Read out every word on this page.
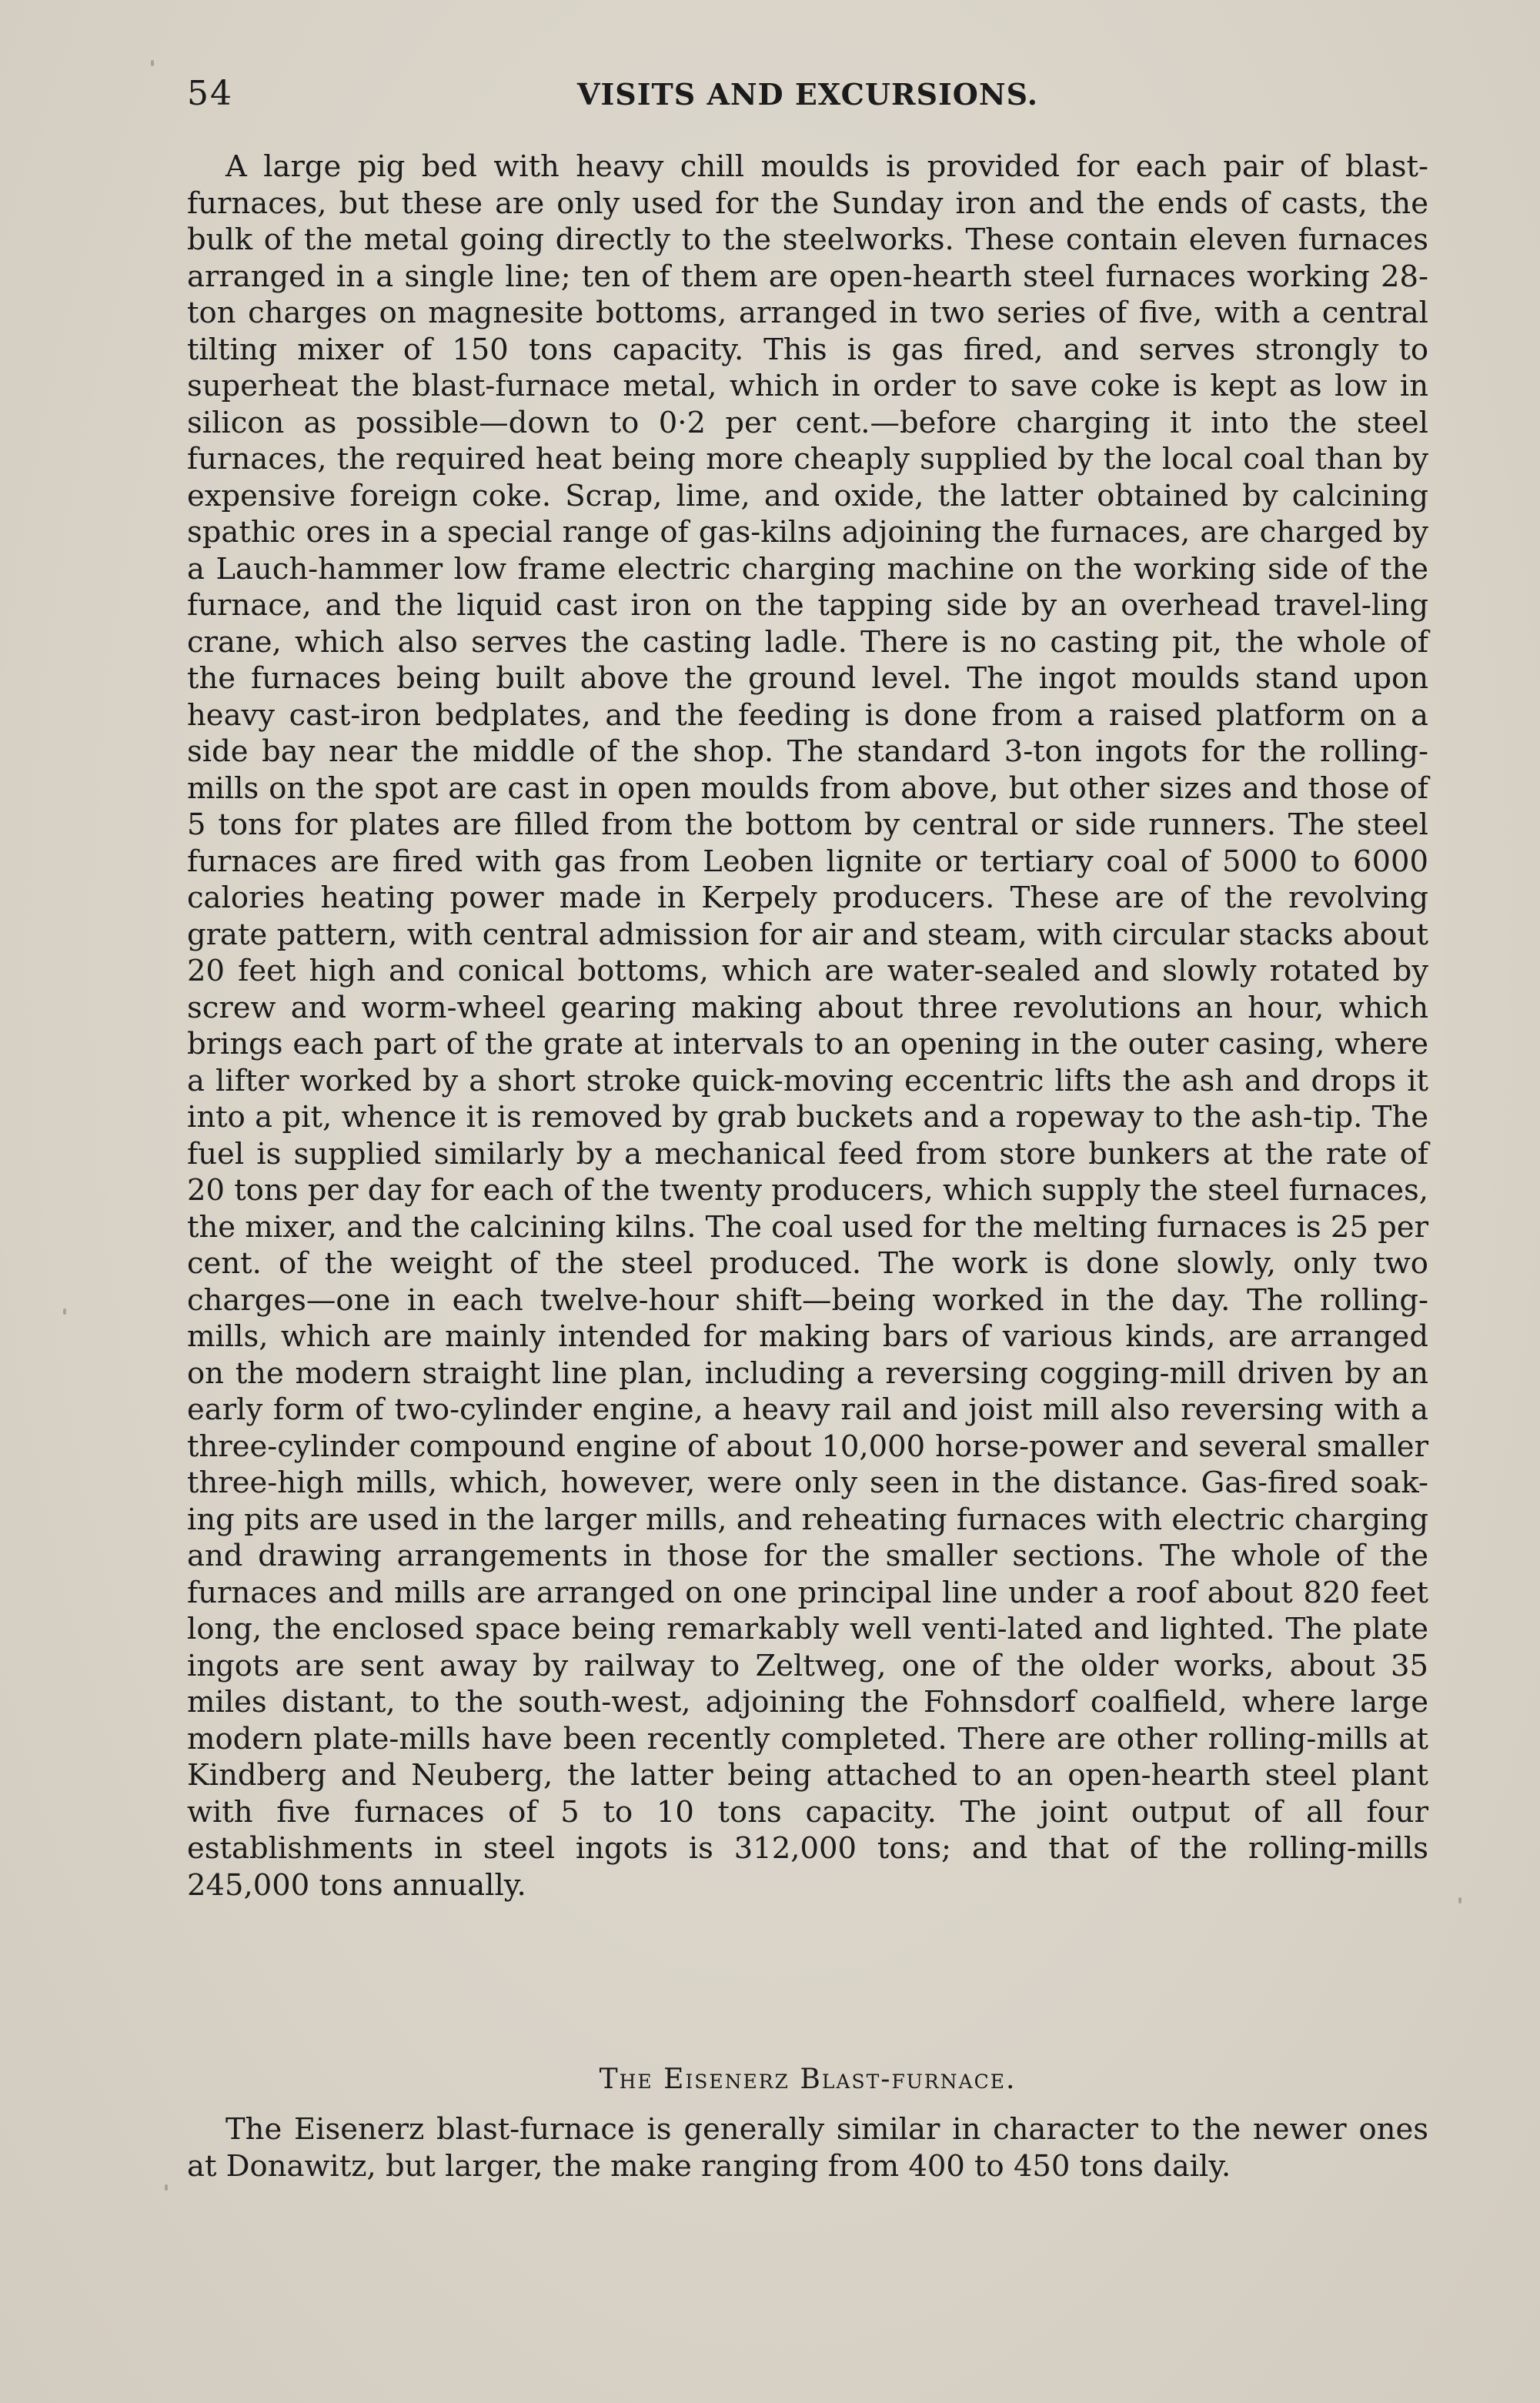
54	VISITS AND EXCURSIONS.

A large pig bed with heavy chill moulds is provided for each pair of blast-furnaces, but these are only used for the Sunday iron and the ends of casts, the bulk of the metal going directly to the steelworks. These contain eleven furnaces arranged in a single line; ten of them are open-hearth steel furnaces working 28-ton charges on magnesite bottoms, arranged in two series of five, with a central tilting mixer of 150 tons capacity. This is gas fired, and serves strongly to superheat the blast-furnace metal, which in order to save coke is kept as low in silicon as possible—down to 0·2 per cent.—before charging it into the steel furnaces, the required heat being more cheaply supplied by the local coal than by expensive foreign coke. Scrap, lime, and oxide, the latter obtained by calcining spathic ores in a special range of gas-kilns adjoining the furnaces, are charged by a Lauch-hammer low frame electric charging machine on the working side of the furnace, and the liquid cast iron on the tapping side by an overhead travel-ling crane, which also serves the casting ladle. There is no casting pit, the whole of the furnaces being built above the ground level. The ingot moulds stand upon heavy cast-iron bedplates, and the feeding is done from a raised platform on a side bay near the middle of the shop. The standard 3-ton ingots for the rolling-mills on the spot are cast in open moulds from above, but other sizes and those of 5 tons for plates are filled from the bottom by central or side runners. The steel furnaces are fired with gas from Leoben lignite or tertiary coal of 5000 to 6000 calories heating power made in Kerpely producers. These are of the revolving grate pattern, with central admission for air and steam, with circular stacks about 20 feet high and conical bottoms, which are water-sealed and slowly rotated by screw and worm-wheel gearing making about three revolutions an hour, which brings each part of the grate at intervals to an opening in the outer casing, where a lifter worked by a short stroke quick-moving eccentric lifts the ash and drops it into a pit, whence it is removed by grab buckets and a ropeway to the ash-tip. The fuel is supplied similarly by a mechanical feed from store bunkers at the rate of 20 tons per day for each of the twenty producers, which supply the steel furnaces, the mixer, and the calcining kilns. The coal used for the melting furnaces is 25 per cent. of the weight of the steel produced. The work is done slowly, only two charges—one in each twelve-hour shift—being worked in the day. The rolling-mills, which are mainly intended for making bars of various kinds, are arranged on the modern straight line plan, including a reversing cogging-mill driven by an early form of two-cylinder engine, a heavy rail and joist mill also reversing with a three-cylinder compound engine of about 10,000 horse-power and several smaller three-high mills, which, however, were only seen in the distance. Gas-fired soak-ing pits are used in the larger mills, and reheating furnaces with electric charging and drawing arrangements in those for the smaller sections. The whole of the furnaces and mills are arranged on one principal line under a roof about 820 feet long, the enclosed space being remarkably well venti-lated and lighted. The plate ingots are sent away by railway to Zeltweg, one of the older works, about 35 miles distant, to the south-west, adjoining the Fohnsdorf coalfield, where large modern plate-mills have been recently completed. There are other rolling-mills at Kindberg and Neuberg, the latter being attached to an open-hearth steel plant with five furnaces of 5 to 10 tons capacity. The joint output of all four establishments in steel ingots is 312,000 tons; and that of the rolling-mills 245,000 tons annually.

The Eisenerz Blast-furnace.

The Eisenerz blast-furnace is generally similar in character to the newer ones at Donawitz, but larger, the make ranging from 400 to 450 tons daily.
